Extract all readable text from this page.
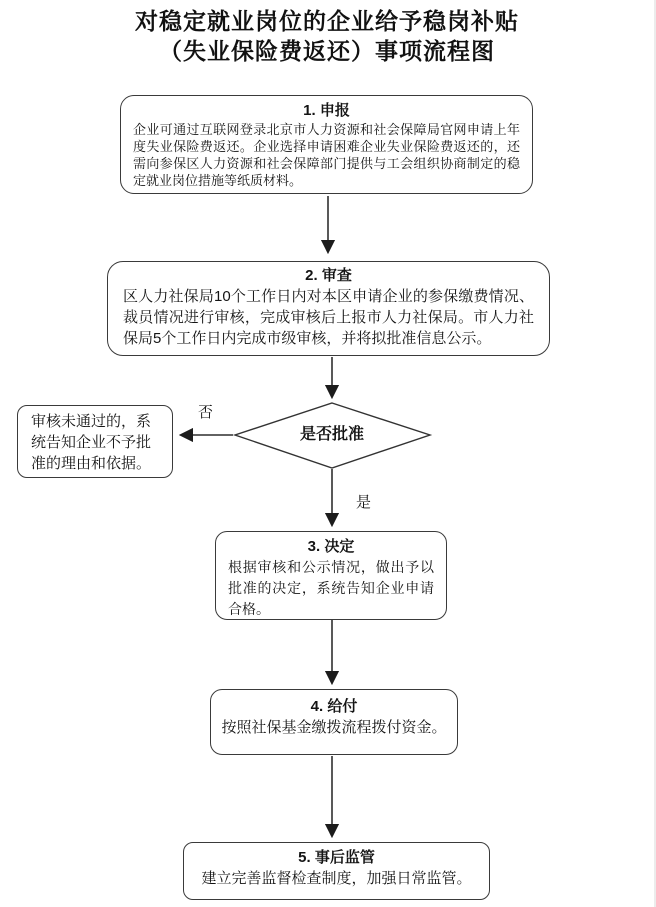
对稳定就业岗位的企业给予稳岗补贴
（失业保险费返还）事项流程图
1. 申报
企业可通过互联网登录北京市人力资源和社会保障局官网申请上年度失业保险费返还。企业选择申请困难企业失业保险费返还的，还需向参保区人力资源和社会保障部门提供与工会组织协商制定的稳定就业岗位措施等纸质材料。
2. 审查
区人力社保局10个工作日内对本区申请企业的参保缴费情况、裁员情况进行审核，完成审核后上报市人力社保局。市人力社保局5个工作日内完成市级审核，并将拟批准信息公示。
审核未通过的，系统告知企业不予批准的理由和依据。
是否批准
否
是
3. 决定
根据审核和公示情况，做出予以批准的决定，系统告知企业申请合格。
4. 给付
按照社保基金缴拨流程拨付资金。
5. 事后监管
建立完善监督检查制度，加强日常监管。
